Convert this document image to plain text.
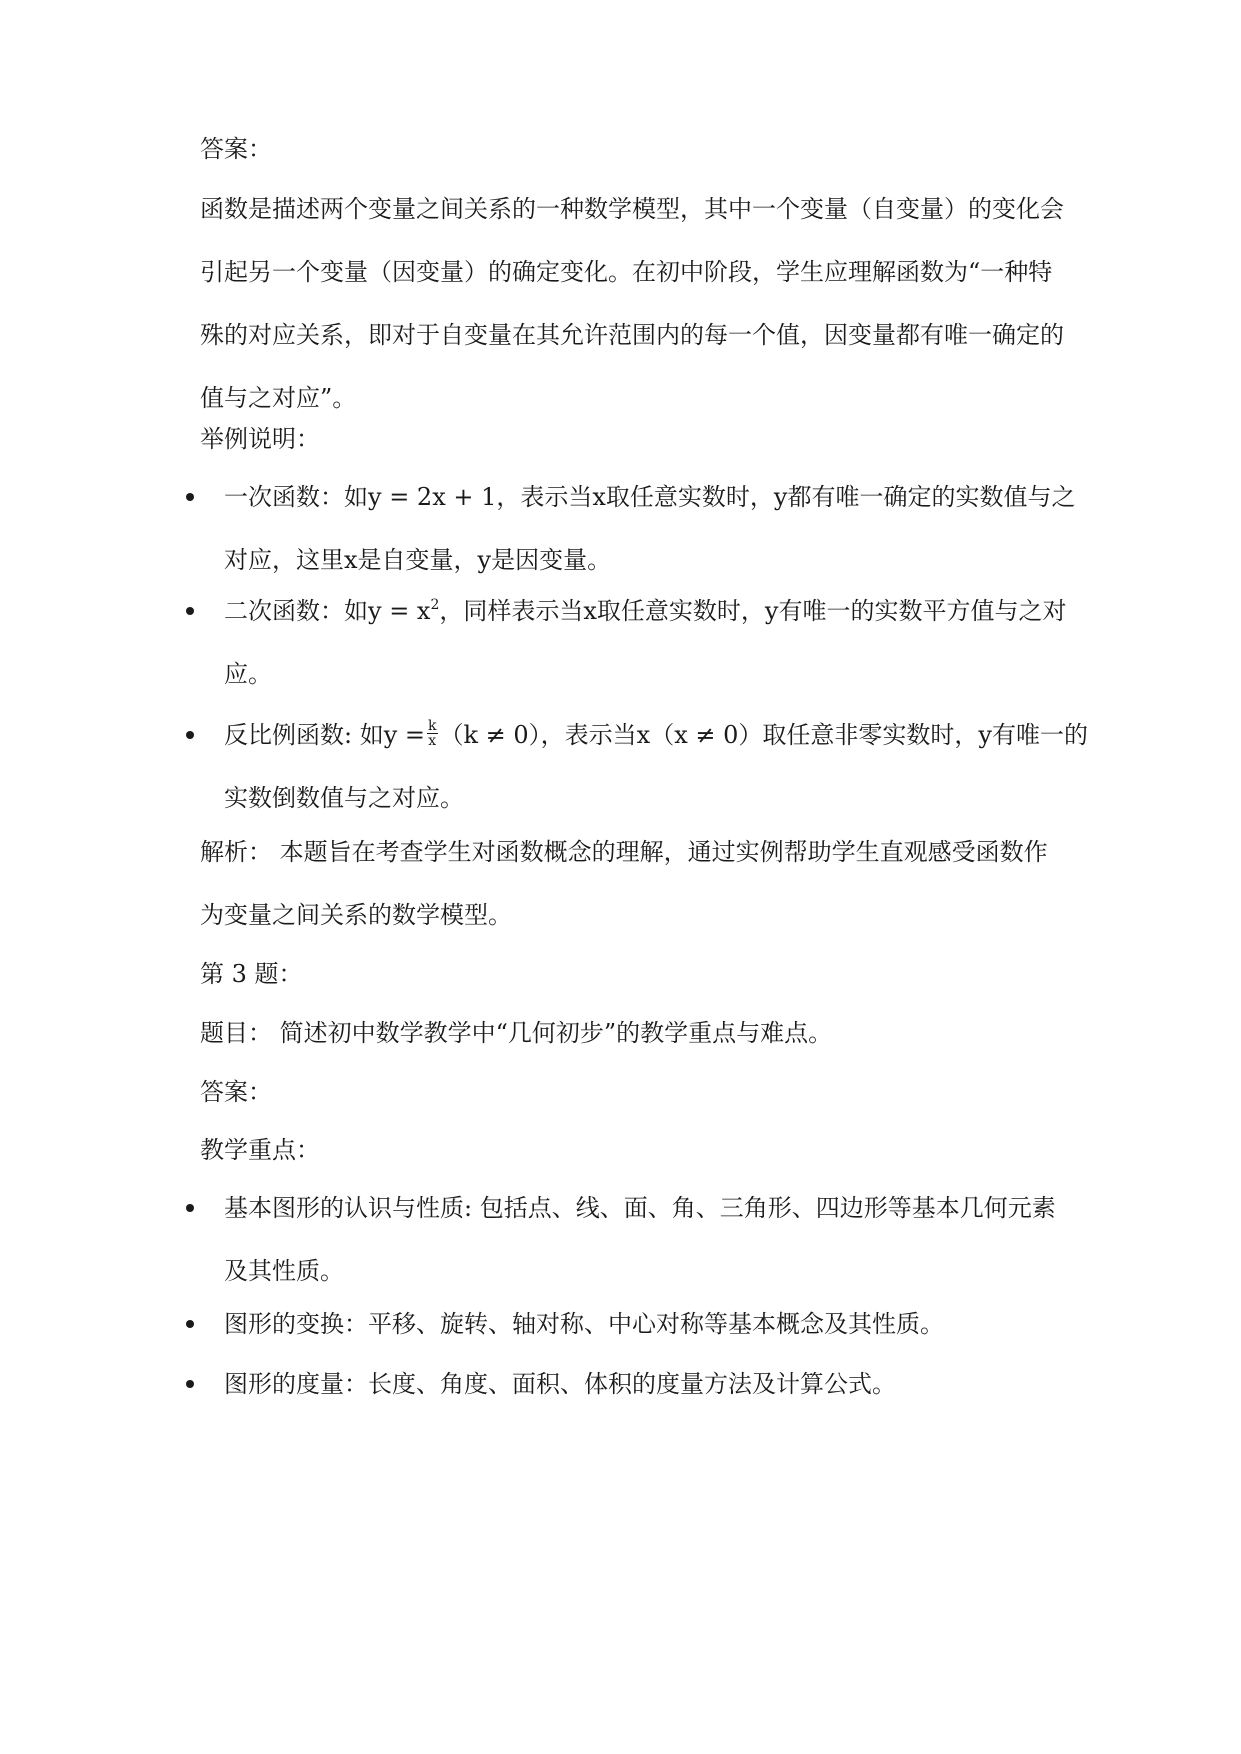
答案：

函数是描述两个变量之间关系的一种数学模型，其中一个变量（自变量）的变化会
引起另一个变量（因变量）的确定变化。在初中阶段，学生应理解函数为“一种特
殊的对应关系，即对于自变量在其允许范围内的每一个值，因变量都有唯一确定的
值与之对应”。

举例说明：

一次函数：如y = 2x + 1，表示当x取任意实数时，y都有唯一确定的实数值与之
对应，这里x是自变量，y是因变量。
二次函数：如$y = x^2$，同样表示当x取任意实数时，y有唯一的实数平方值与之对
应。
反比例函数: 如$y = \frac{k}{x} (k \ne 0)$，表示当x（x ≠ 0）取任意非零实数时，y有唯一的
实数倒数值与之对应。
解析： 本题旨在考查学生对函数概念的理解，通过实例帮助学生直观感受函数作
为变量之间关系的数学模型。

第 3 题：

题目： 简述初中数学教学中“几何初步”的教学重点与难点。

答案：

教学重点：

基本图形的认识与性质: 包括点、线、面、角、三角形、四边形等基本几何元素
及其性质。
图形的变换：平移、旋转、轴对称、中心对称等基本概念及其性质。
图形的度量：长度、角度、面积、体积的度量方法及计算公式。
